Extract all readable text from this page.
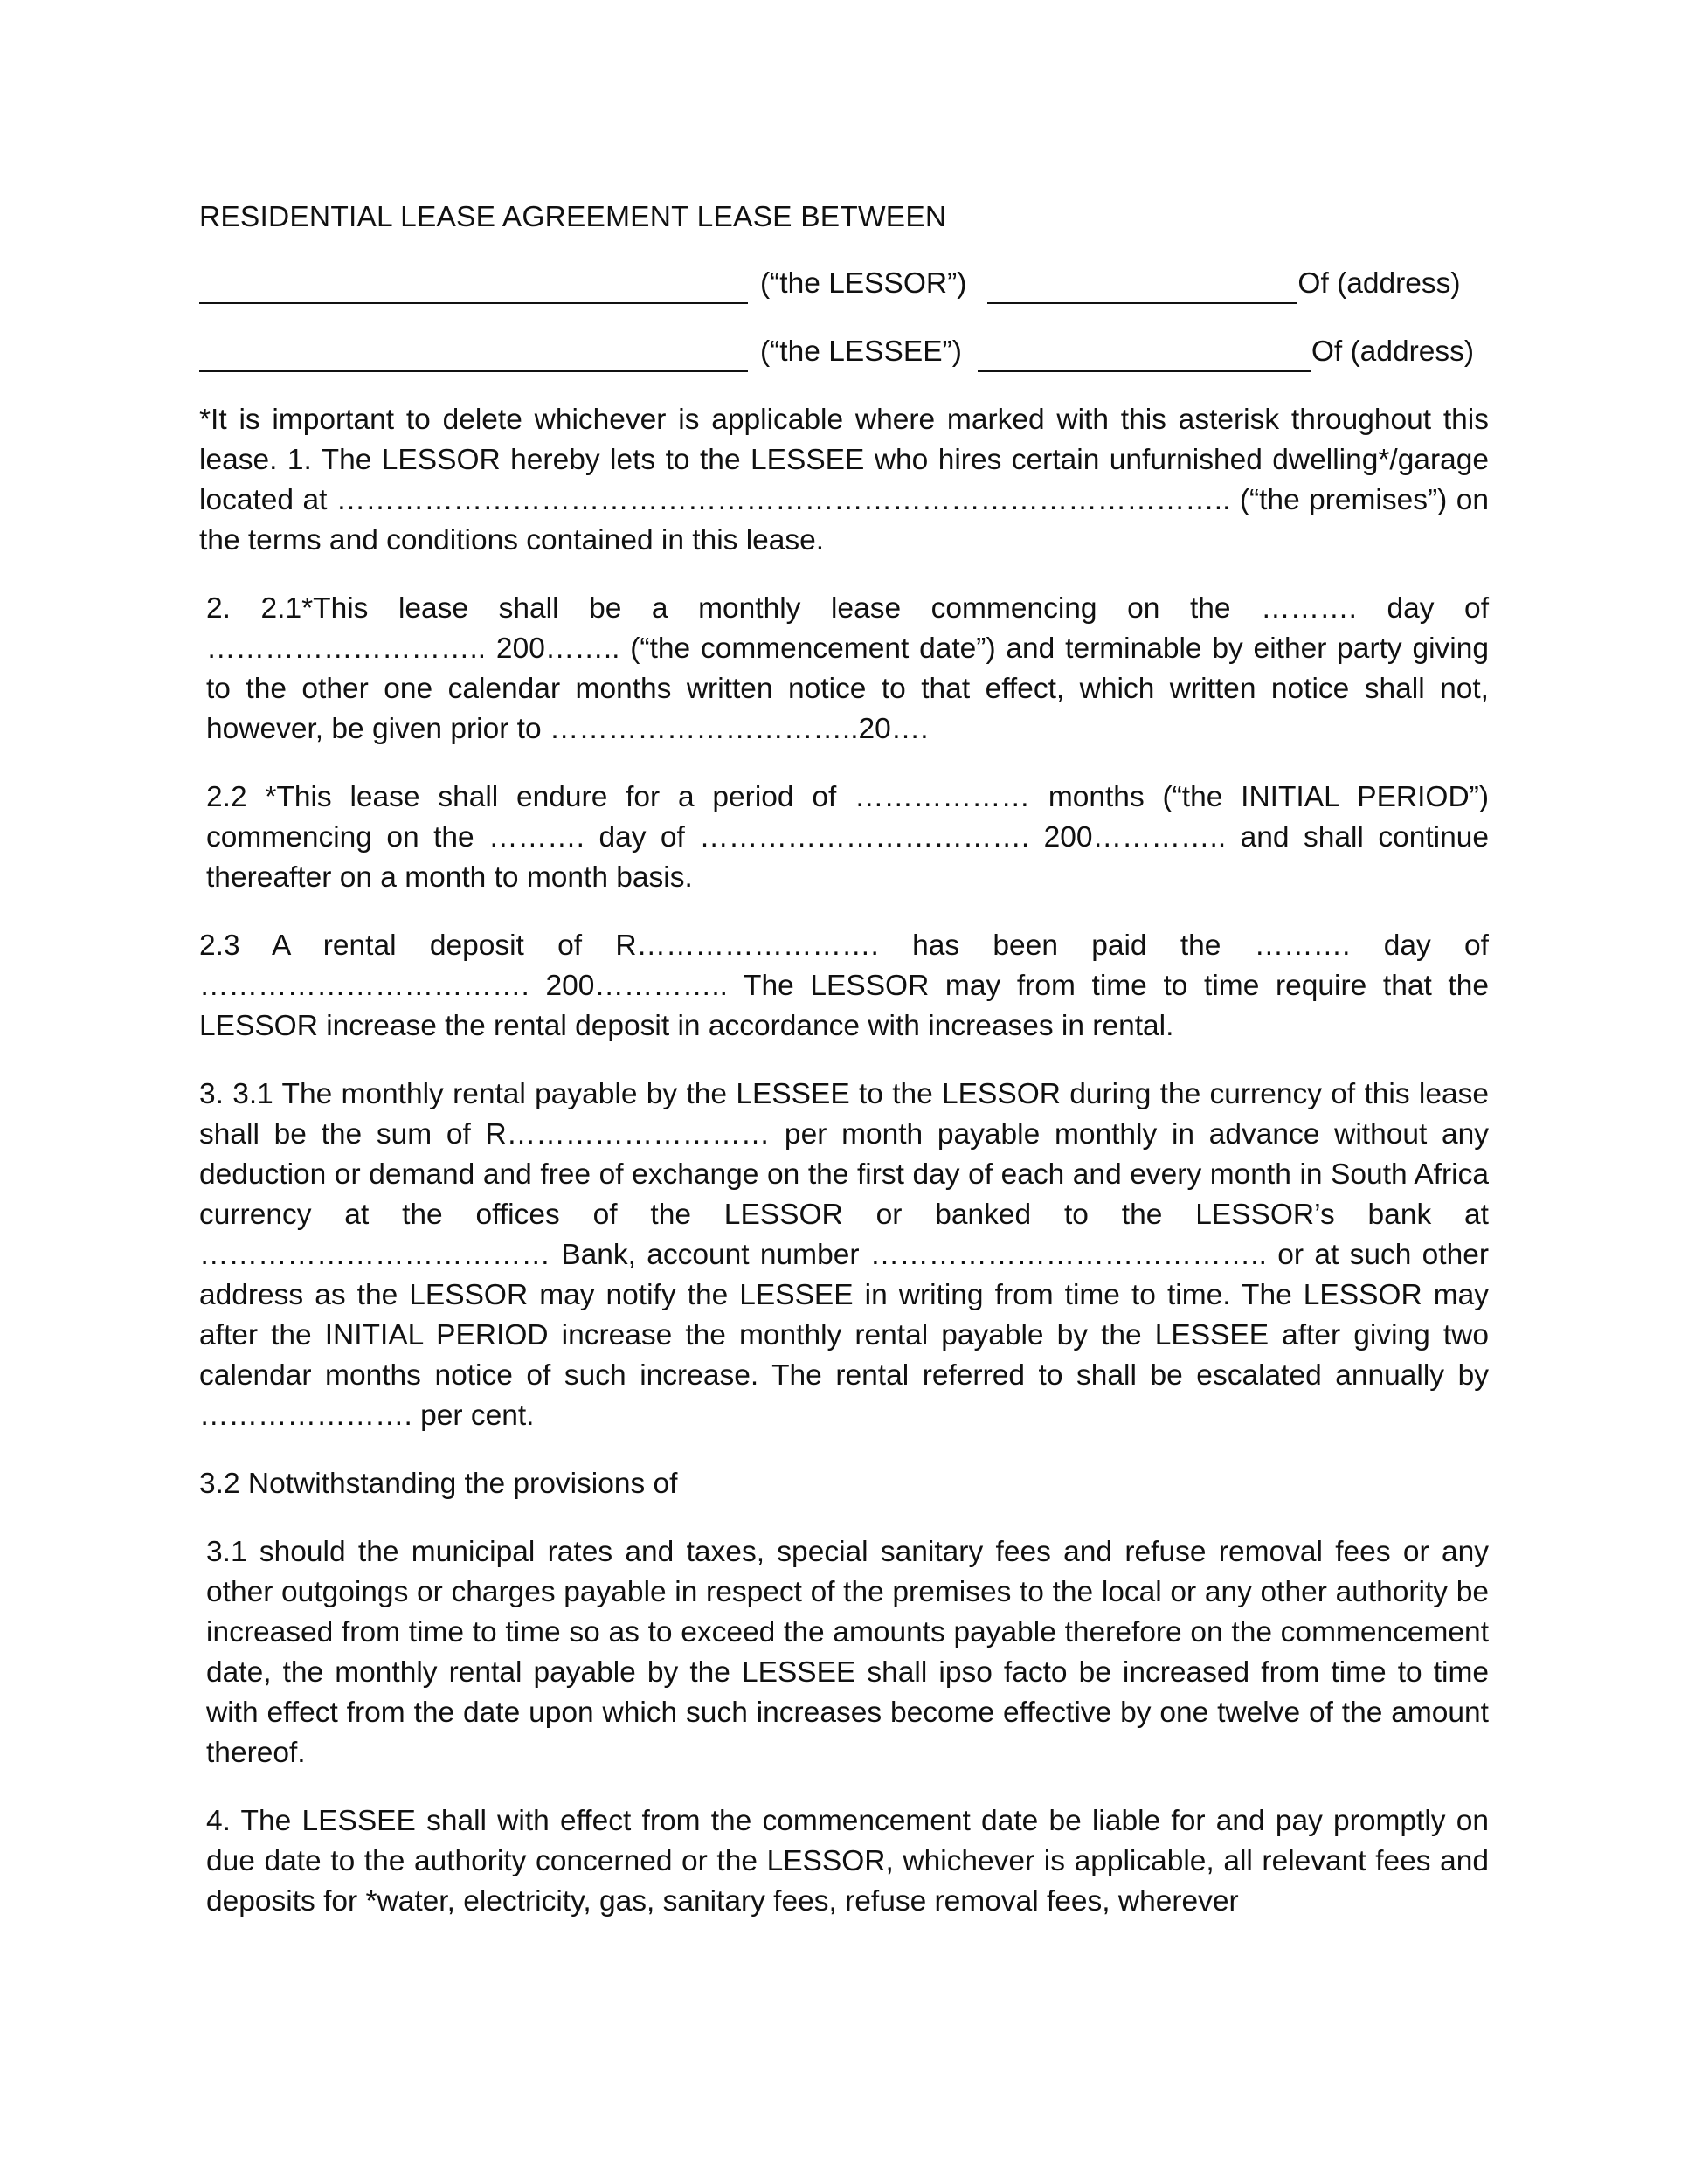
RESIDENTIAL LEASE AGREEMENT LEASE BETWEEN
(“the LESSOR”)	Of (address)
(“the LESSEE”)	Of (address)

*It is important to delete whichever is applicable where marked with this asterisk throughout this lease. 1. The LESSOR hereby lets to the LESSEE who hires certain unfurnished dwelling*/garage located at ……………………………………………………………………………….. (“the premises”) on the terms and conditions contained in this lease.

2. 2.1*This lease shall be a monthly lease commencing on the ………. day of ……………………….. 200…….. (“the commencement date”) and terminable by either party giving to the other one calendar months written notice to that effect, which written notice shall not, however, be given prior to …………………………..20….

2.2 *This lease shall endure for a period of ……………… months (“the INITIAL PERIOD”) commencing on the ………. day of ……………………………. 200………….. and shall continue thereafter on a month to month basis.

2.3 A rental deposit of R……………………. has been paid the ………. day of ……………………………. 200………….. The LESSOR may from time to time require that the LESSOR increase the rental deposit in accordance with increases in rental.

3. 3.1 The monthly rental payable by the LESSEE to the LESSOR during the currency of this lease shall be the sum of R……………………… per month payable monthly in advance without any deduction or demand and free of exchange on the first day of each and every month in South Africa currency at the offices of the LESSOR or banked to the LESSOR’s bank at ……………………………… Bank, account number ………………………………….. or at such other address as the LESSOR may notify the LESSEE in writing from time to time. The LESSOR may after the INITIAL PERIOD increase the monthly rental payable by the LESSEE after giving two calendar months notice of such increase. The rental referred to shall be escalated annually by …………………. per cent.

3.2 Notwithstanding the provisions of

3.1 should the municipal rates and taxes, special sanitary fees and refuse removal fees or any other outgoings or charges payable in respect of the premises to the local or any other authority be increased from time to time so as to exceed the amounts payable therefore on the commencement date, the monthly rental payable by the LESSEE shall ipso facto be increased from time to time with effect from the date upon which such increases become effective by one twelve of the amount thereof.

4. The LESSEE shall with effect from the commencement date be liable for and pay promptly on due date to the authority concerned or the LESSOR, whichever is applicable, all relevant fees and deposits for *water, electricity, gas, sanitary fees, refuse removal fees, wherever
